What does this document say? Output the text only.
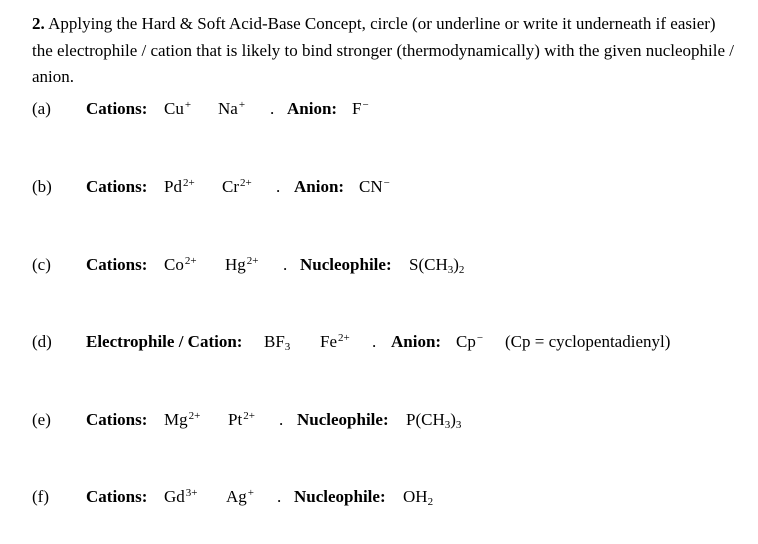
2. Applying the Hard & Soft Acid-Base Concept, circle (or underline or write it underneath if easier) the electrophile / cation that is likely to bind stronger (thermodynamically) with the given nucleophile / anion.
(a) Cations: Cu+ Na+ . Anion: F−
(b) Cations: $Pd^{2+}$ $Cr^{2+}$ . Anion: CN−
(c) Cations: $Co^{2+}$ $Hg^{2+}$ . Nucleophile: $S(CH_3)_2$
(d) Electrophile / Cation: $BF_3$ $Fe^{2+}$ . Anion: Cp− (Cp = cyclopentadienyl)
(e) Cations: $Mg^{2+}$ $Pt^{2+}$ . Nucleophile: $P(CH_3)_3$
(f) Cations: $Gd^{3+}$ Ag+ . Nucleophile: $OH_2$
